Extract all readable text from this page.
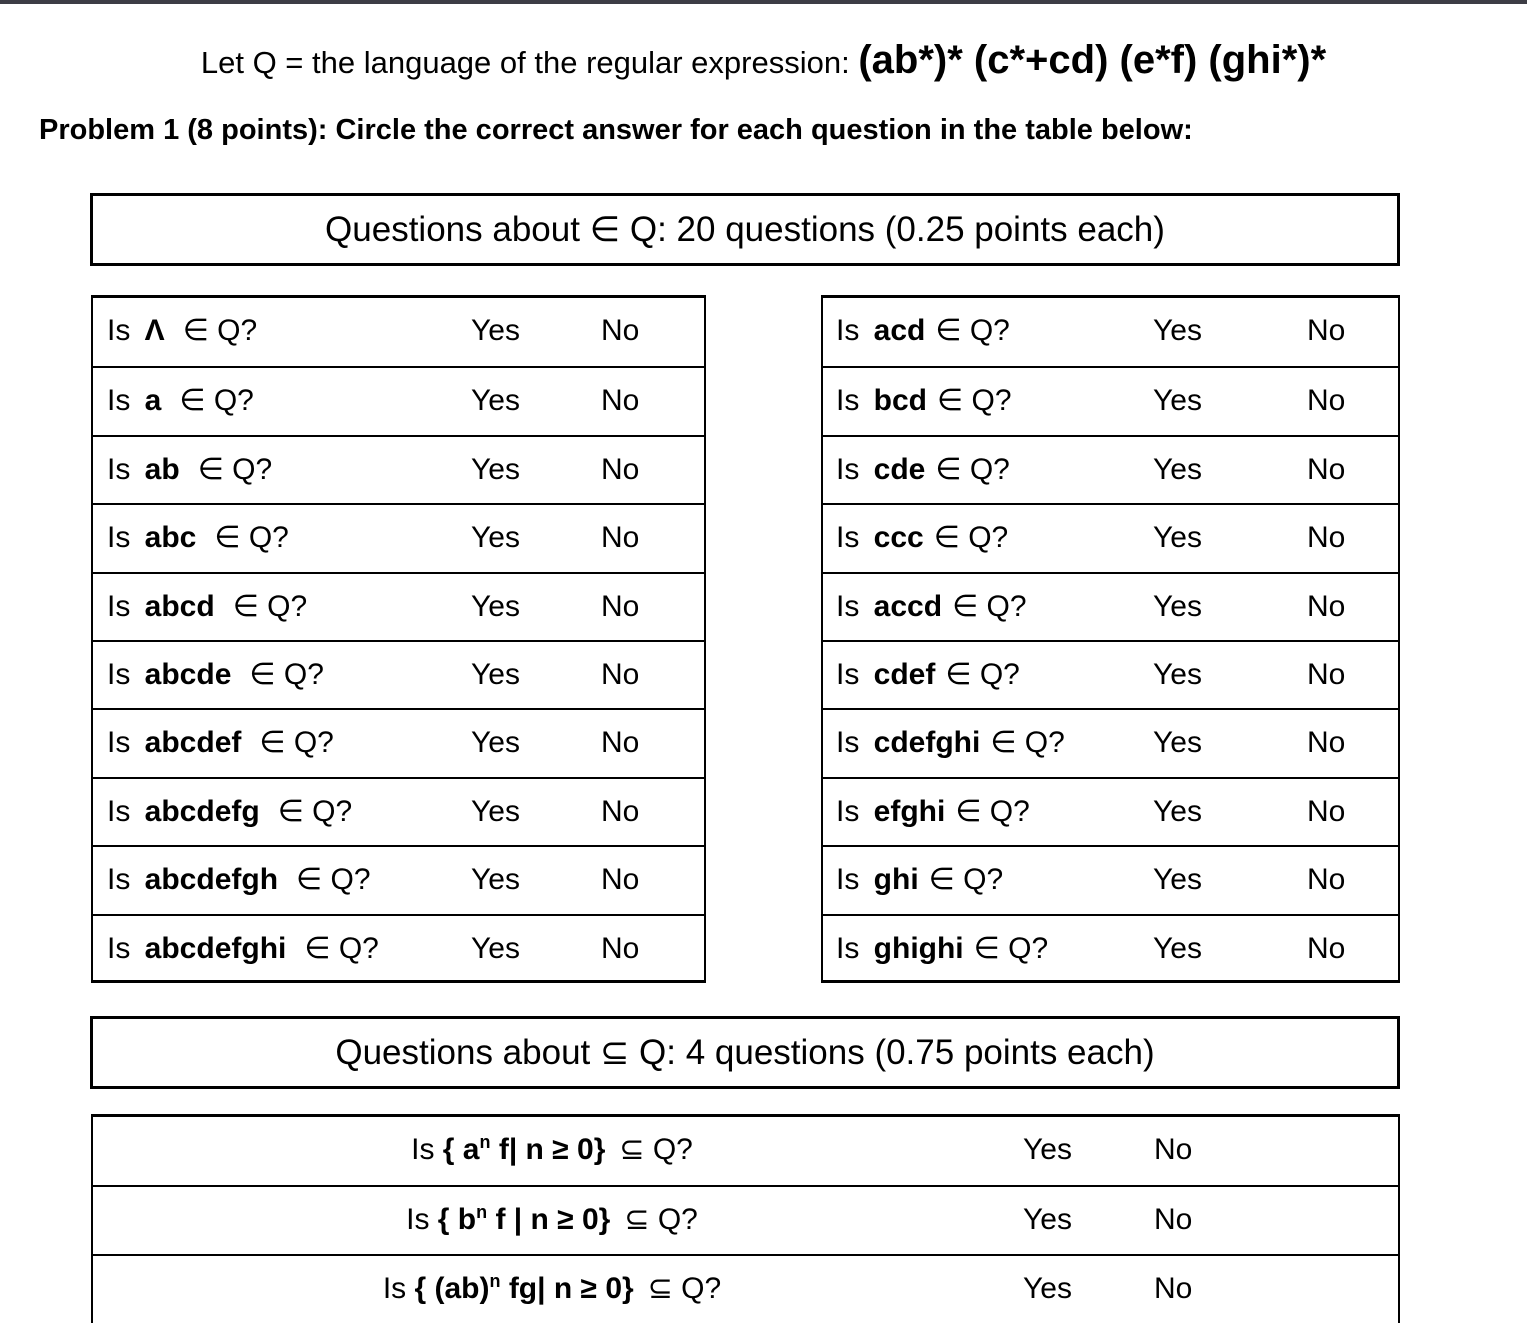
Let Q = the language of the regular expression: (ab*)* (c*+cd) (e*f) (ghi*)*
Problem 1 (8 points): Circle the correct answer for each question in the table below:
Questions about ∈ Q: 20 questions (0.25 points each)
Is Λ ∈ Q?	Yes	No
Is a ∈ Q?	Yes	No
Is ab ∈ Q?	Yes	No
Is abc ∈ Q?	Yes	No
Is abcd ∈ Q?	Yes	No
Is abcde ∈ Q?	Yes	No
Is abcdef ∈ Q?	Yes	No
Is abcdefg ∈ Q?	Yes	No
Is abcdefgh ∈ Q?	Yes	No
Is abcdefghi ∈ Q?	Yes	No
Is acd ∈ Q?	Yes	No
Is bcd ∈ Q?	Yes	No
Is cde ∈ Q?	Yes	No
Is ccc ∈ Q?	Yes	No
Is accd ∈ Q?	Yes	No
Is cdef ∈ Q?	Yes	No
Is cdefghi ∈ Q?	Yes	No
Is efghi ∈ Q?	Yes	No
Is ghi ∈ Q?	Yes	No
Is ghighi ∈ Q?	Yes	No
Questions about ⊆ Q: 4 questions (0.75 points each)
Is { $a^n$ f| n ≥ 0} ⊆ Q?	Yes	No
Is { $b^n$ f | n ≥ 0} ⊆ Q?	Yes	No
Is { (ab)$^n$ fg| n ≥ 0} ⊆ Q?	Yes	No
